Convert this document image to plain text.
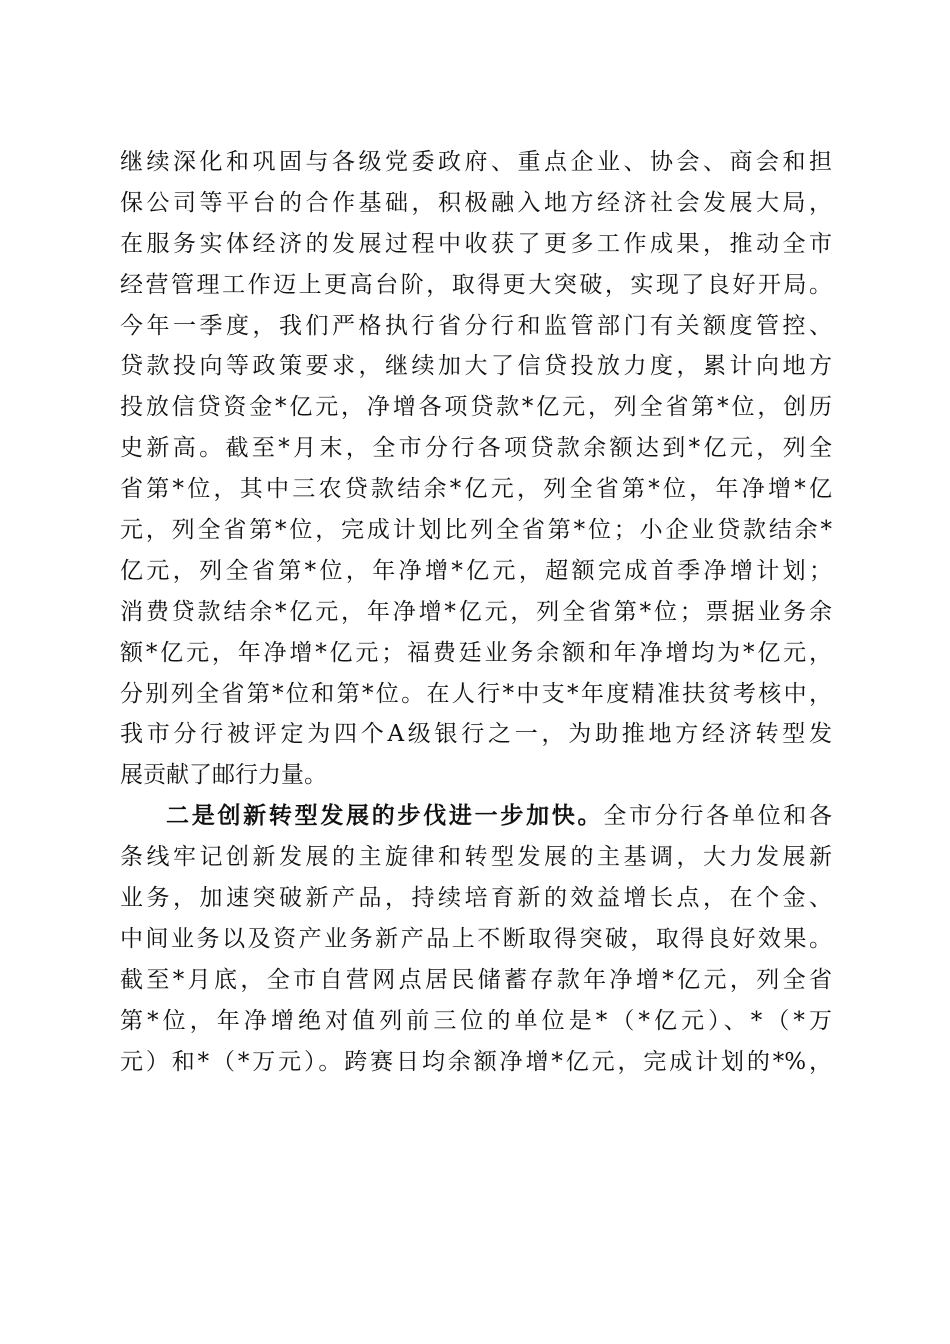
继续深化和巩固与各级党委政府、重点企业、协会、商会和担
保公司等平台的合作基础，积极融入地方经济社会发展大局，
在服务实体经济的发展过程中收获了更多工作成果，推动全市
经营管理工作迈上更高台阶，取得更大突破，实现了良好开局。
今年一季度，我们严格执行省分行和监管部门有关额度管控、
贷款投向等政策要求，继续加大了信贷投放力度，累计向地方
投放信贷资金*亿元，净增各项贷款*亿元，列全省第*位，创历
史新高。截至*月末，全市分行各项贷款余额达到*亿元，列全
省第*位，其中三农贷款结余*亿元，列全省第*位，年净增*亿
元，列全省第*位，完成计划比列全省第*位；小企业贷款结余*
亿元，列全省第*位，年净增*亿元，超额完成首季净增计划；
消费贷款结余*亿元，年净增*亿元，列全省第*位；票据业务余
额*亿元，年净增*亿元；福费廷业务余额和年净增均为*亿元，
分别列全省第*位和第*位。在人行*中支*年度精准扶贫考核中，
我市分行被评定为四个A级银行之一，为助推地方经济转型发
展贡献了邮行力量。
二是创新转型发展的步伐进一步加快。全市分行各单位和各
条线牢记创新发展的主旋律和转型发展的主基调，大力发展新
业务，加速突破新产品，持续培育新的效益增长点，在个金、
中间业务以及资产业务新产品上不断取得突破，取得良好效果。
截至*月底，全市自营网点居民储蓄存款年净增*亿元，列全省
第*位，年净增绝对值列前三位的单位是*（*亿元）、*（*万
元）和*（*万元）。跨赛日均余额净增*亿元，完成计划的*%，
